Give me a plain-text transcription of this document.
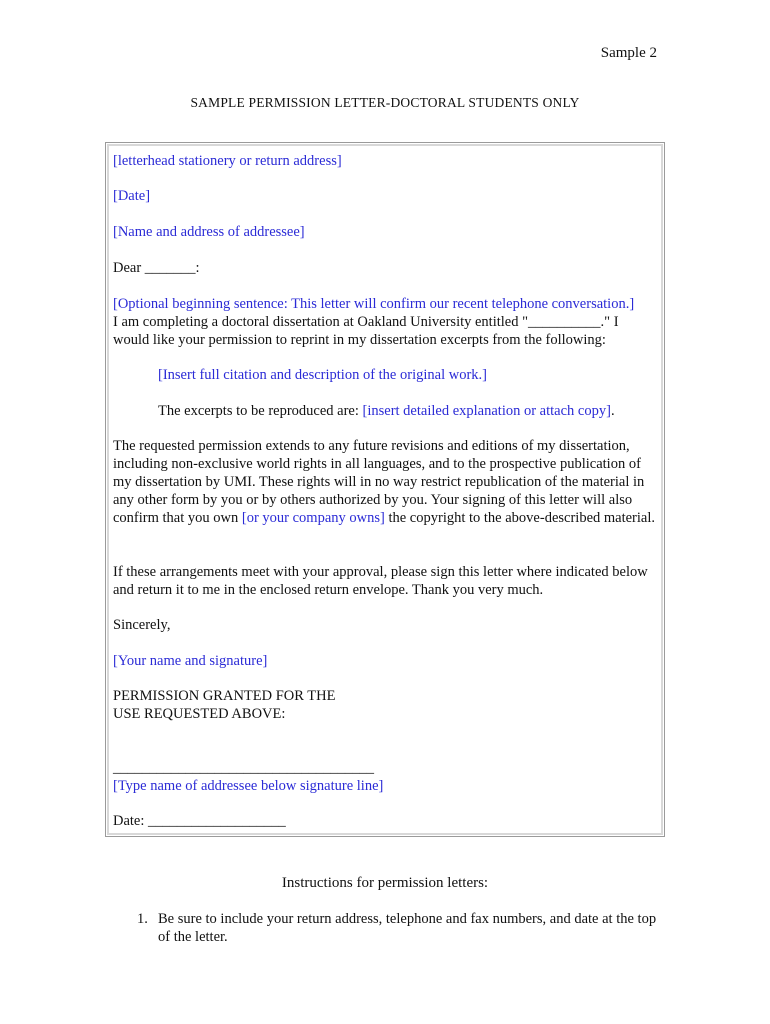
Sample 2
SAMPLE PERMISSION LETTER-DOCTORAL STUDENTS ONLY
[letterhead stationery or return address]
[Date]
[Name and address of addressee]
Dear _______:
[Optional beginning sentence: This letter will confirm our recent telephone conversation.]
I am completing a doctoral dissertation at Oakland University entitled "__________." I would like your permission to reprint in my dissertation excerpts from the following:
[Insert full citation and description of the original work.]
The excerpts to be reproduced are: [insert detailed explanation or attach copy].
The requested permission extends to any future revisions and editions of my dissertation, including non-exclusive world rights in all languages, and to the prospective publication of my dissertation by UMI. These rights will in no way restrict republication of the material in any other form by you or by others authorized by you. Your signing of this letter will also confirm that you own [or your company owns] the copyright to the above-described material.
If these arrangements meet with your approval, please sign this letter where indicated below and return it to me in the enclosed return envelope. Thank you very much.
Sincerely,
[Your name and signature]
PERMISSION GRANTED FOR THE
USE REQUESTED ABOVE:
____________________________________
[Type name of addressee below signature line]
Date: ___________________
Instructions for permission letters:
1. Be sure to include your return address, telephone and fax numbers, and date at the top of the letter.
